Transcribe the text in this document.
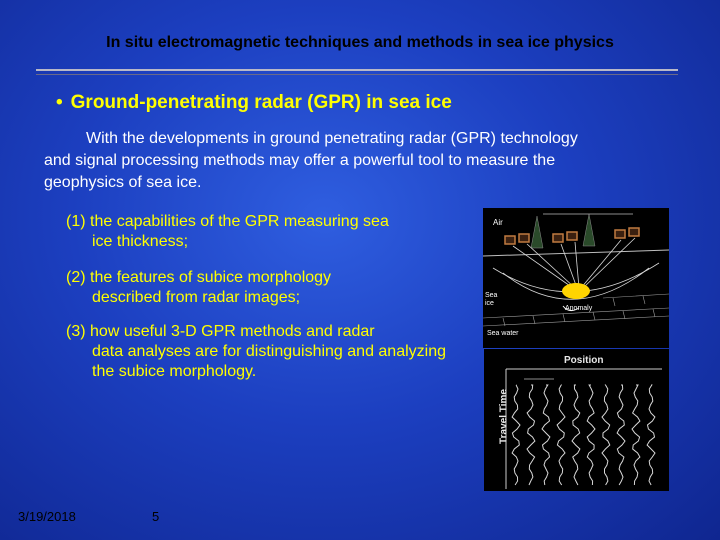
In situ electromagnetic techniques and methods in sea ice physics
• Ground-penetrating radar (GPR) in sea ice
With the developments in ground penetrating radar (GPR) technology and signal processing methods may offer a powerful tool to measure the geophysics of sea ice.
(1) the capabilities of the GPR measuring sea
ice thickness;
(2) the features of subice morphology
described from radar images;
(3) how useful 3-D GPR methods and radar
data analyses are for distinguishing and analyzing the subice morphology.
Air
Sea ice
Anomaly
Sea water
Position
Travel Time
3/19/2018	5
